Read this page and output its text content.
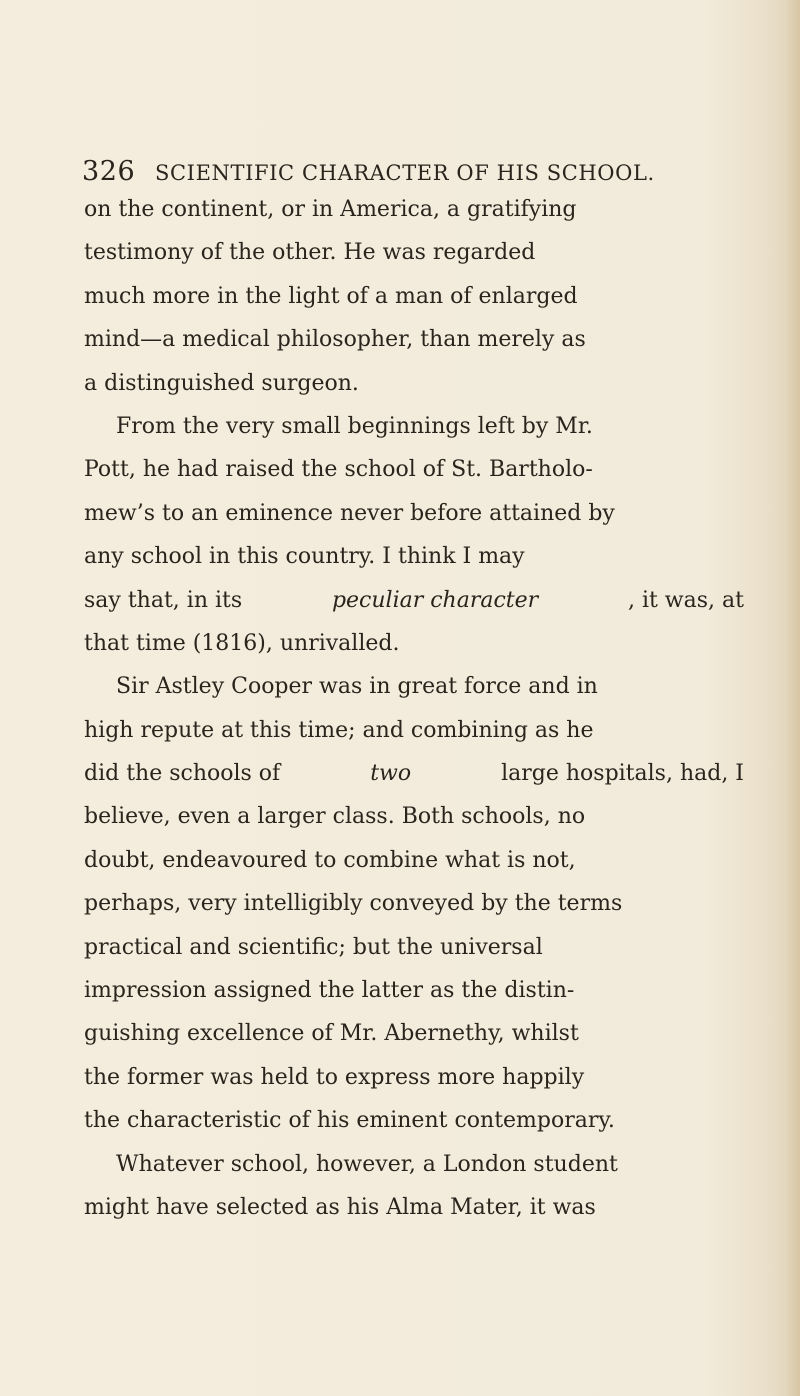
326 SCIENTIFIC CHARACTER OF HIS SCHOOL.
on the continent, or in America, a gratifying
testimony of the other. He was regarded
much more in the light of a man of enlarged
mind—a medical philosopher, than merely as
a distinguished surgeon.
From the very small beginnings left by Mr.
Pott, he had raised the school of St. Bartholo-
mew’s to an eminence never before attained by
any school in this country. I think I may
say that, in its	peculiar character	, it was, at
that time (1816), unrivalled.
Sir Astley Cooper was in great force and in
high repute at this time; and combining as he
did the schools of	two	large hospitals, had, I
believe, even a larger class. Both schools, no
doubt, endeavoured to combine what is not,
perhaps, very intelligibly conveyed by the terms
practical and scientific; but the universal
impression assigned the latter as the distin-
guishing excellence of Mr. Abernethy, whilst
the former was held to express more happily
the characteristic of his eminent contemporary.
Whatever school, however, a London student
might have selected as his Alma Mater, it was
